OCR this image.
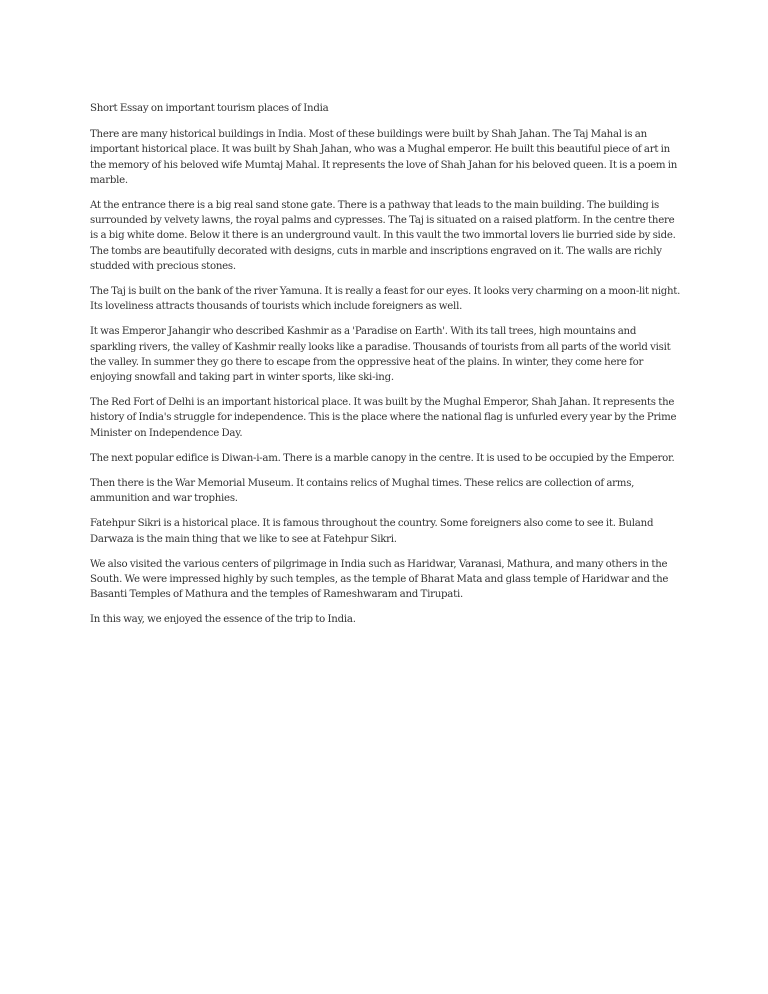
Short Essay on important tourism places of India

There are many historical buildings in India. Most of these buildings were built by Shah Jahan. The Taj Mahal is an important historical place. It was built by Shah Jahan, who was a Mughal emperor. He built this beautiful piece of art in the memory of his beloved wife Mumtaj Mahal. It represents the love of Shah Jahan for his beloved queen. It is a poem in marble.

At the entrance there is a big real sand stone gate. There is a pathway that leads to the main building. The building is surrounded by velvety lawns, the royal palms and cypresses. The Taj is situated on a raised platform. In the centre there is a big white dome. Below it there is an underground vault. In this vault the two immortal lovers lie burried side by side. The tombs are beautifully decorated with designs, cuts in marble and inscriptions engraved on it. The walls are richly studded with precious stones.

The Taj is built on the bank of the river Yamuna. It is really a feast for our eyes. It looks very charming on a moon-lit night. Its loveliness attracts thousands of tourists which include foreigners as well.

It was Emperor Jahangir who described Kashmir as a 'Paradise on Earth'. With its tall trees, high mountains and sparkling rivers, the valley of Kashmir really looks like a paradise. Thousands of tourists from all parts of the world visit the valley. In summer they go there to escape from the oppressive heat of the plains. In winter, they come here for enjoying snowfall and taking part in winter sports, like ski-ing.

The Red Fort of Delhi is an important historical place. It was built by the Mughal Emperor, Shah Jahan. It represents the history of India's struggle for independence. This is the place where the national flag is unfurled every year by the Prime Minister on Independence Day.

The next popular edifice is Diwan-i-am. There is a marble canopy in the centre. It is used to be occupied by the Emperor.

Then there is the War Memorial Museum. It contains relics of Mughal times. These relics are collection of arms, ammunition and war trophies.

Fatehpur Sikri is a historical place. It is famous throughout the country. Some foreigners also come to see it. Buland Darwaza is the main thing that we like to see at Fatehpur Sikri.

We also visited the various centers of pilgrimage in India such as Haridwar, Varanasi, Mathura, and many others in the South. We were impressed highly by such temples, as the temple of Bharat Mata and glass temple of Haridwar and the Basanti Temples of Mathura and the temples of Rameshwaram and Tirupati.

In this way, we enjoyed the essence of the trip to India.
